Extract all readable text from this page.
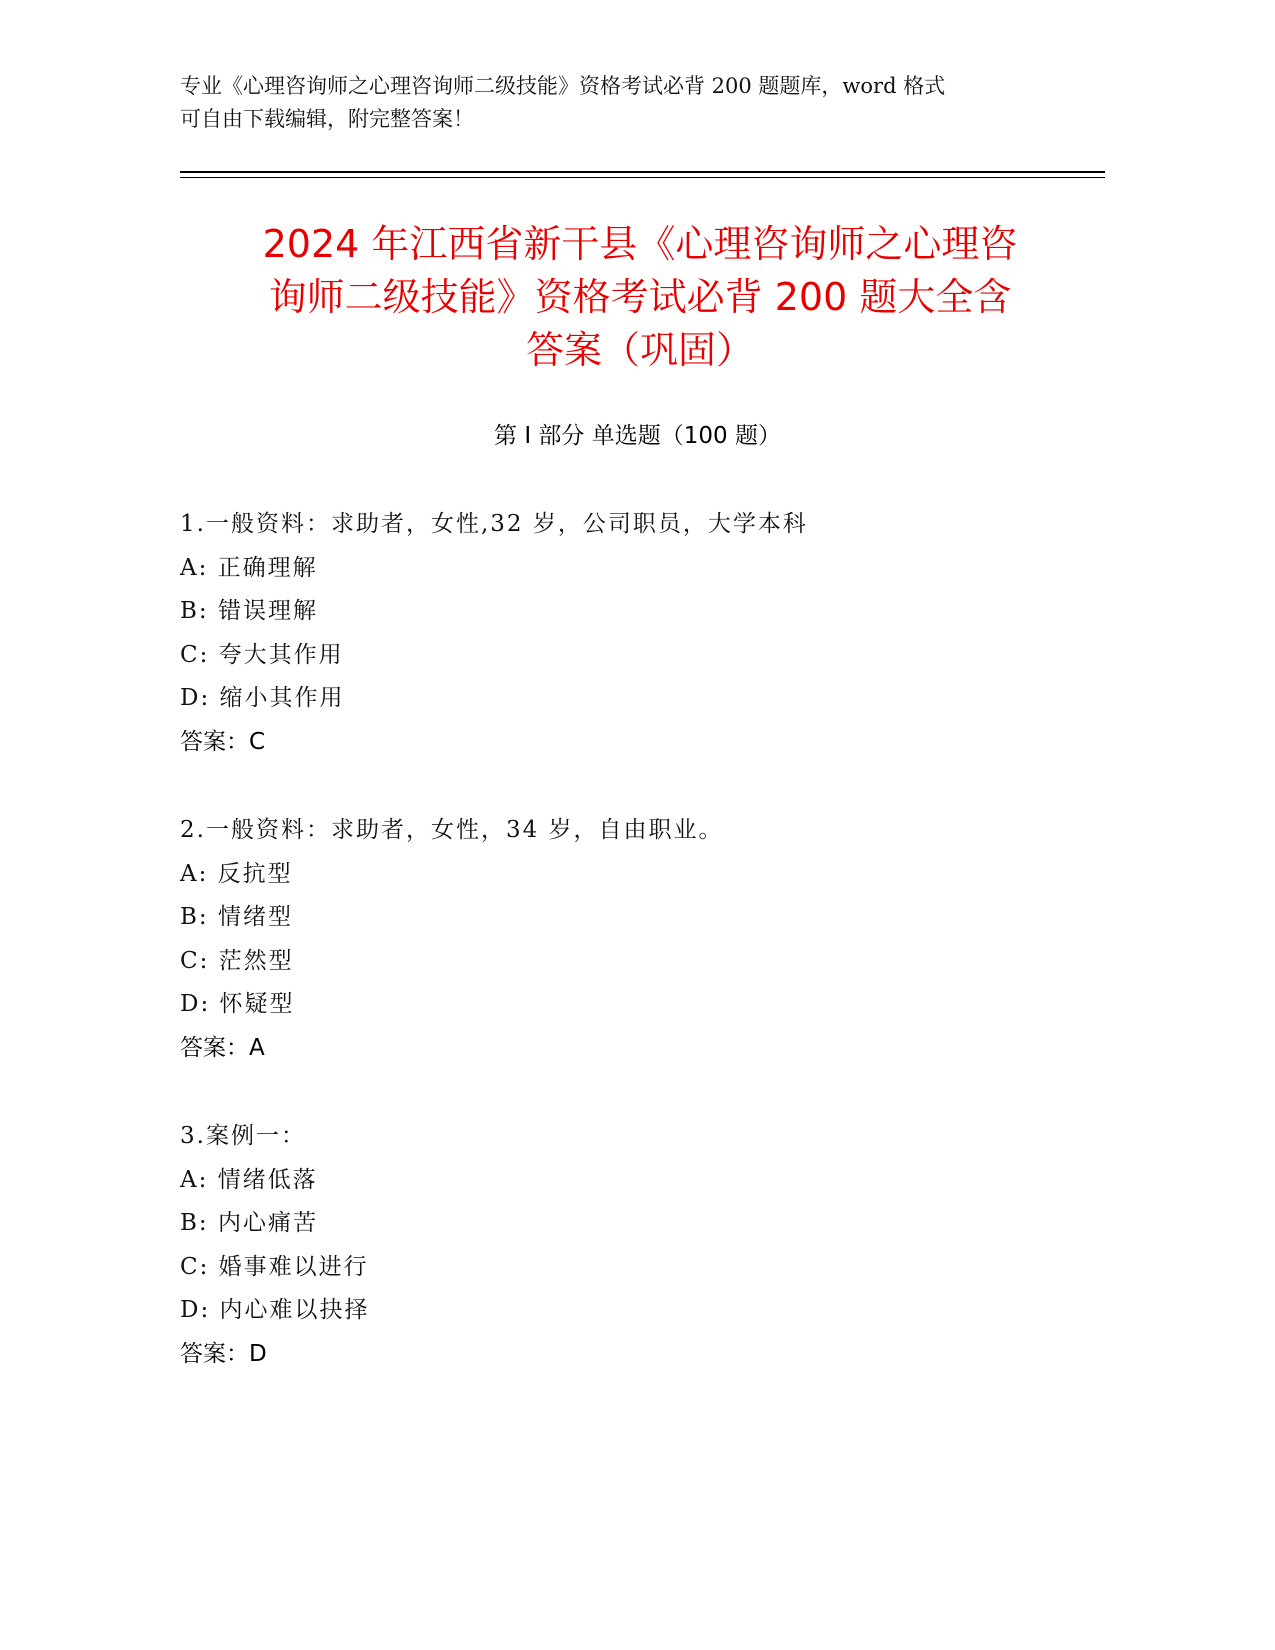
专业《心理咨询师之心理咨询师二级技能》资格考试必背 200 题题库，word 格式
可自由下载编辑，附完整答案！
2024 年江西省新干县《心理咨询师之心理咨
询师二级技能》资格考试必背 200 题大全含
答案（巩固）
第 I 部分 单选题（100 题）
1.一般资料：求助者，女性,32 岁，公司职员，大学本科
A: 正确理解
B: 错误理解
C: 夸大其作用
D: 缩小其作用
答案：C
2.一般资料：求助者，女性，34 岁，自由职业。
A: 反抗型
B: 情绪型
C: 茫然型
D: 怀疑型
答案：A
3.案例一：
A: 情绪低落
B: 内心痛苦
C: 婚事难以进行
D: 内心难以抉择
答案：D
